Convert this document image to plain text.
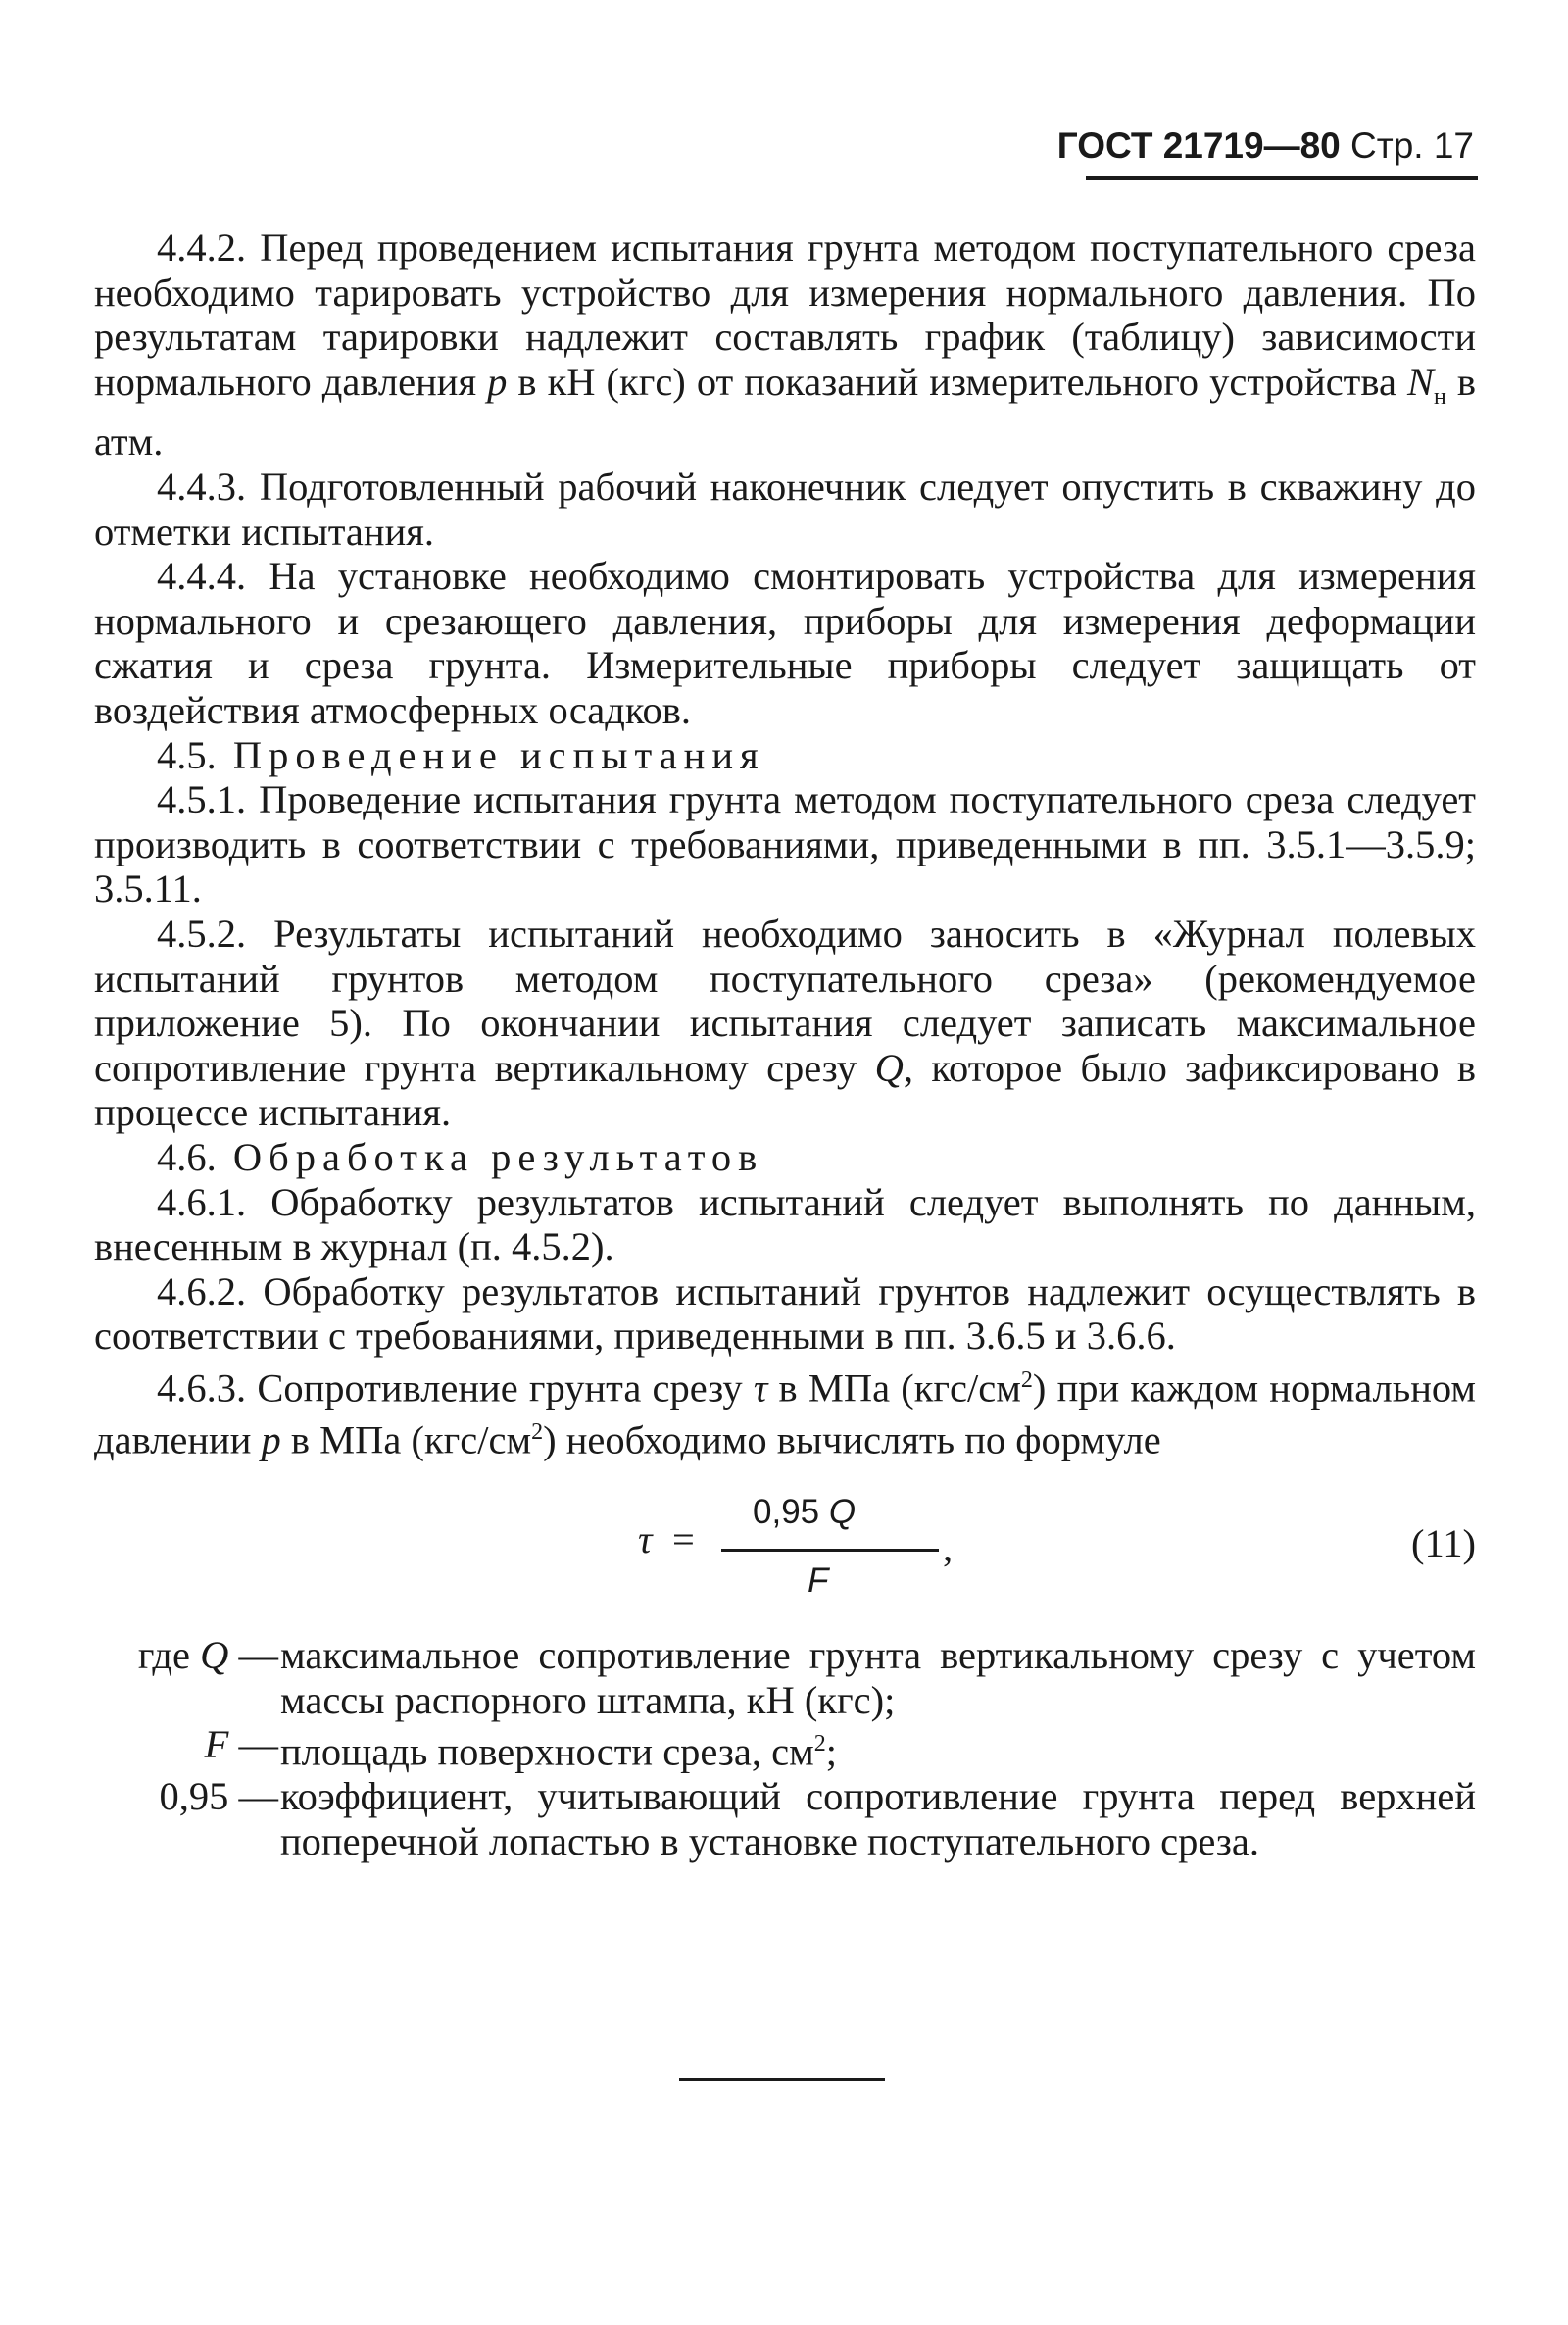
ГОСТ 21719—80 Стр. 17

4.4.2. Перед проведением испытания грунта методом поступательного среза необходимо тарировать устройство для измерения нормального давления. По результатам тарировки надлежит составлять график (таблицу) зависимости нормального давления p в кН (кгс) от показаний измерительного устройства $N_н$ в атм.

4.4.3. Подготовленный рабочий наконечник следует опустить в скважину до отметки испытания.

4.4.4. На установке необходимо смонтировать устройства для измерения нормального и срезающего давления, приборы для измерения деформации сжатия и среза грунта. Измерительные приборы следует защищать от воздействия атмосферных осадков.

4.5. Проведение испытания

4.5.1. Проведение испытания грунта методом поступательного среза следует производить в соответствии с требованиями, приведенными в пп. 3.5.1—3.5.9; 3.5.11.

4.5.2. Результаты испытаний необходимо заносить в «Журнал полевых испытаний грунтов методом поступательного среза» (рекомендуемое приложение 5). По окончании испытания следует записать максимальное сопротивление грунта вертикальному срезу Q, которое было зафиксировано в процессе испытания.

4.6. Обработка результатов

4.6.1. Обработку результатов испытаний следует выполнять по данным, внесенным в журнал (п. 4.5.2).

4.6.2. Обработку результатов испытаний грунтов надлежит осуществлять в соответствии с требованиями, приведенными в пп. 3.6.5 и 3.6.6.

4.6.3. Сопротивление грунта срезу τ в МПа $(кгс/см^2)$ при каждом нормальном давлении p в МПа $(кгс/см^2)$ необходимо вычислять по формуле

τ =
0,95 Q
,
F
(11)
где Q — максимальное сопротивление грунта вертикальному срезу с учетом массы распорного штампа, кН (кгс);
F — площадь поверхности среза, $см^2$;
0,95 — коэффициент, учитывающий сопротивление грунта перед верхней поперечной лопастью в установке поступательного среза.
